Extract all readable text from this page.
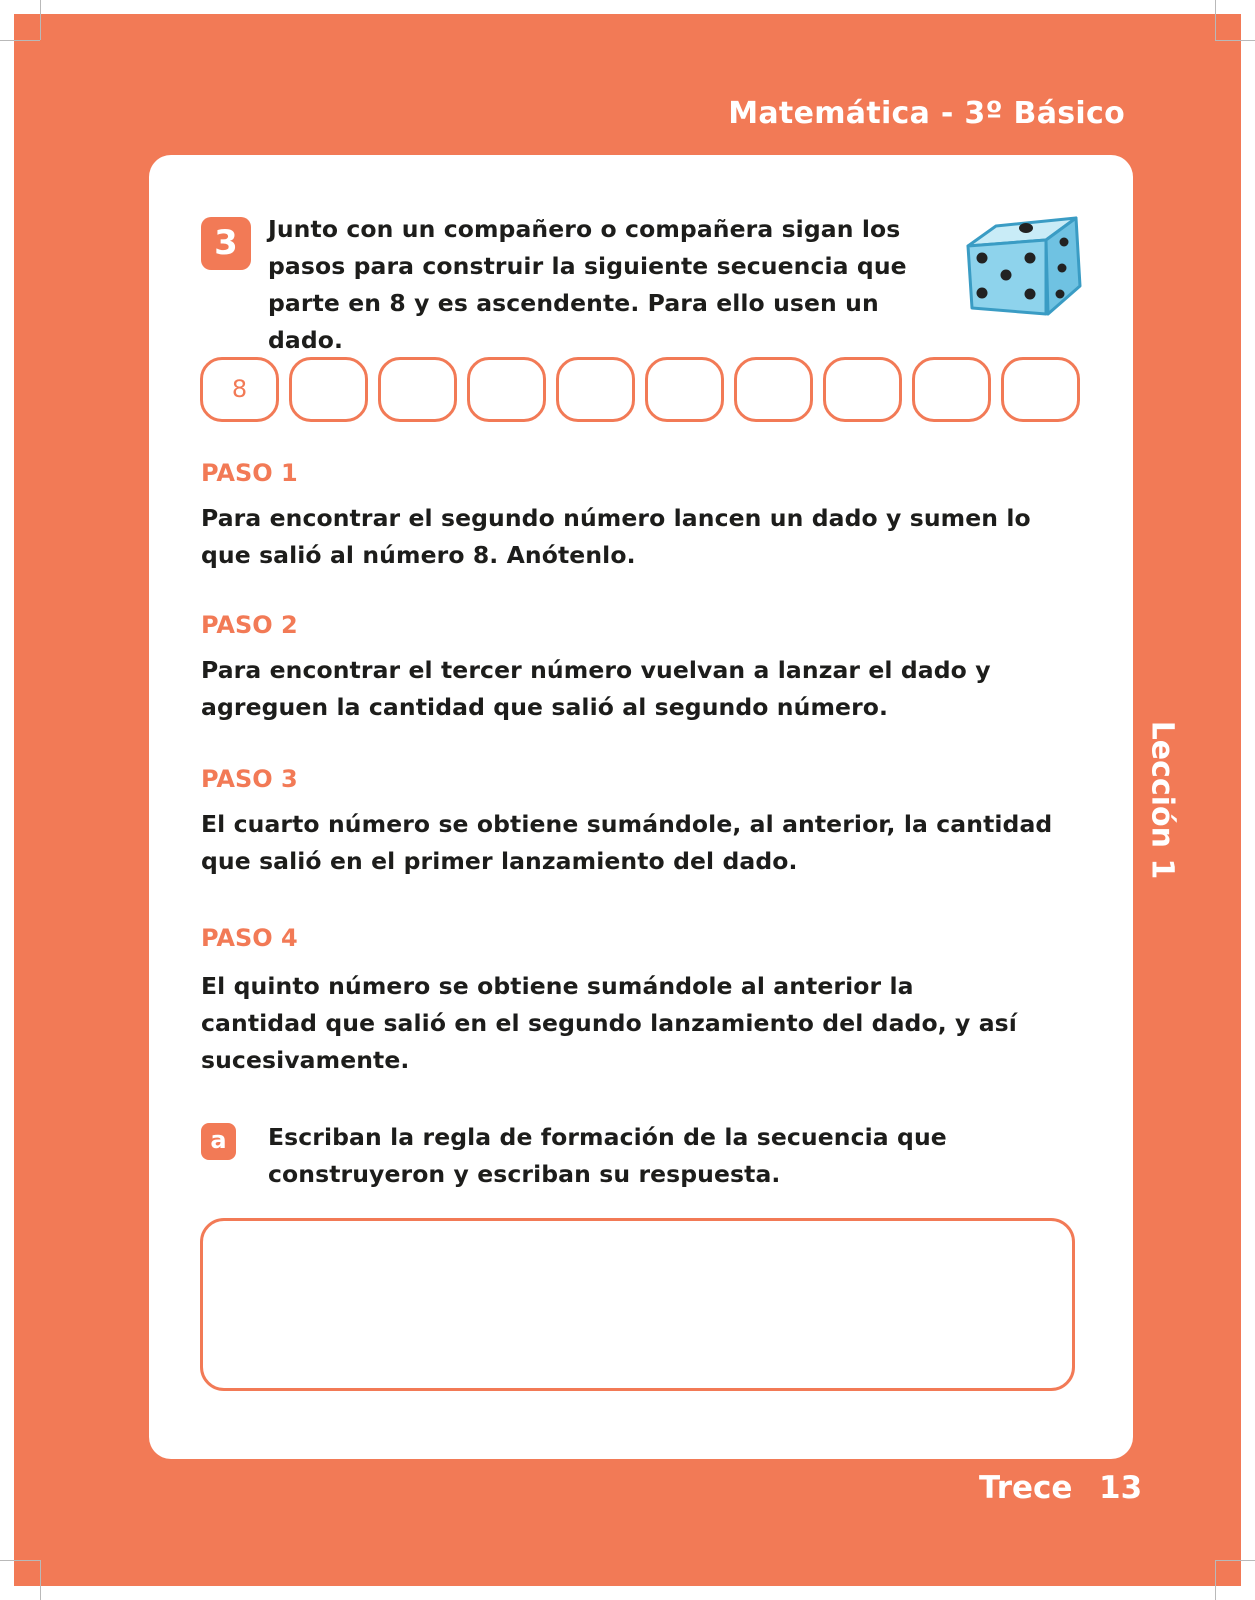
Matemática - 3º Básico
Lección 1
Trece 13
3	Junto con un compañero o compañera sigan los pasos para construir la siguiente secuencia que parte en 8 y es ascendente. Para ello usen un dado.
8
PASO 1
Para encontrar el segundo número lancen un dado y sumen lo que salió al número 8. Anótenlo.
PASO 2
Para encontrar el tercer número vuelvan a lanzar el dado y agreguen la cantidad que salió al segundo número.
PASO 3
El cuarto número se obtiene sumándole, al anterior, la cantidad que salió en el primer lanzamiento del dado.
PASO 4
El quinto número se obtiene sumándole al anterior la cantidad que salió en el segundo lanzamiento del dado, y así sucesivamente.
a	Escriban la regla de formación de la secuencia que construyeron y escriban su respuesta.
